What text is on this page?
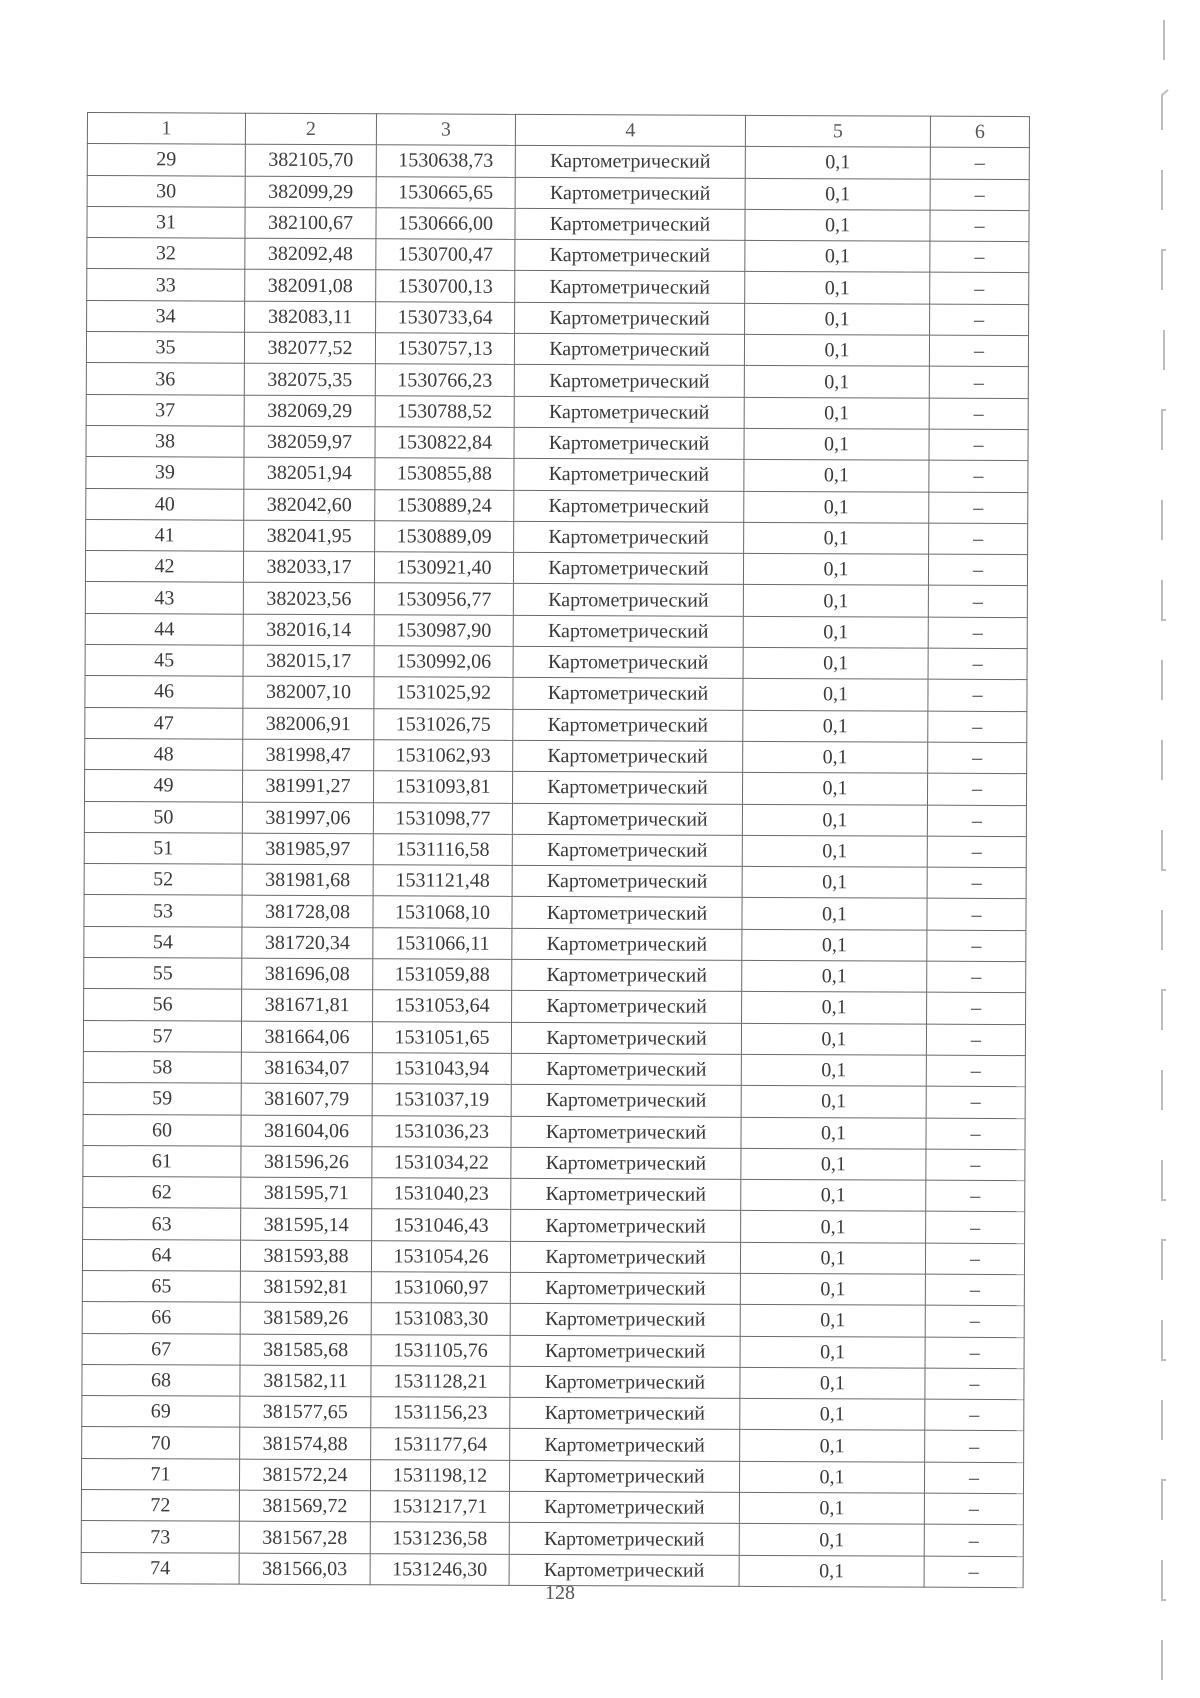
1	2	3	4	5	6
29	382105,70	1530638,73	Картометрический	0,1	–
30	382099,29	1530665,65	Картометрический	0,1	–
31	382100,67	1530666,00	Картометрический	0,1	–
32	382092,48	1530700,47	Картометрический	0,1	–
33	382091,08	1530700,13	Картометрический	0,1	–
34	382083,11	1530733,64	Картометрический	0,1	–
35	382077,52	1530757,13	Картометрический	0,1	–
36	382075,35	1530766,23	Картометрический	0,1	–
37	382069,29	1530788,52	Картометрический	0,1	–
38	382059,97	1530822,84	Картометрический	0,1	–
39	382051,94	1530855,88	Картометрический	0,1	–
40	382042,60	1530889,24	Картометрический	0,1	–
41	382041,95	1530889,09	Картометрический	0,1	–
42	382033,17	1530921,40	Картометрический	0,1	–
43	382023,56	1530956,77	Картометрический	0,1	–
44	382016,14	1530987,90	Картометрический	0,1	–
45	382015,17	1530992,06	Картометрический	0,1	–
46	382007,10	1531025,92	Картометрический	0,1	–
47	382006,91	1531026,75	Картометрический	0,1	–
48	381998,47	1531062,93	Картометрический	0,1	–
49	381991,27	1531093,81	Картометрический	0,1	–
50	381997,06	1531098,77	Картометрический	0,1	–
51	381985,97	1531116,58	Картометрический	0,1	–
52	381981,68	1531121,48	Картометрический	0,1	–
53	381728,08	1531068,10	Картометрический	0,1	–
54	381720,34	1531066,11	Картометрический	0,1	–
55	381696,08	1531059,88	Картометрический	0,1	–
56	381671,81	1531053,64	Картометрический	0,1	–
57	381664,06	1531051,65	Картометрический	0,1	–
58	381634,07	1531043,94	Картометрический	0,1	–
59	381607,79	1531037,19	Картометрический	0,1	–
60	381604,06	1531036,23	Картометрический	0,1	–
61	381596,26	1531034,22	Картометрический	0,1	–
62	381595,71	1531040,23	Картометрический	0,1	–
63	381595,14	1531046,43	Картометрический	0,1	–
64	381593,88	1531054,26	Картометрический	0,1	–
65	381592,81	1531060,97	Картометрический	0,1	–
66	381589,26	1531083,30	Картометрический	0,1	–
67	381585,68	1531105,76	Картометрический	0,1	–
68	381582,11	1531128,21	Картометрический	0,1	–
69	381577,65	1531156,23	Картометрический	0,1	–
70	381574,88	1531177,64	Картометрический	0,1	–
71	381572,24	1531198,12	Картометрический	0,1	–
72	381569,72	1531217,71	Картометрический	0,1	–
73	381567,28	1531236,58	Картометрический	0,1	–
74	381566,03	1531246,30	Картометрический	0,1	–
128
